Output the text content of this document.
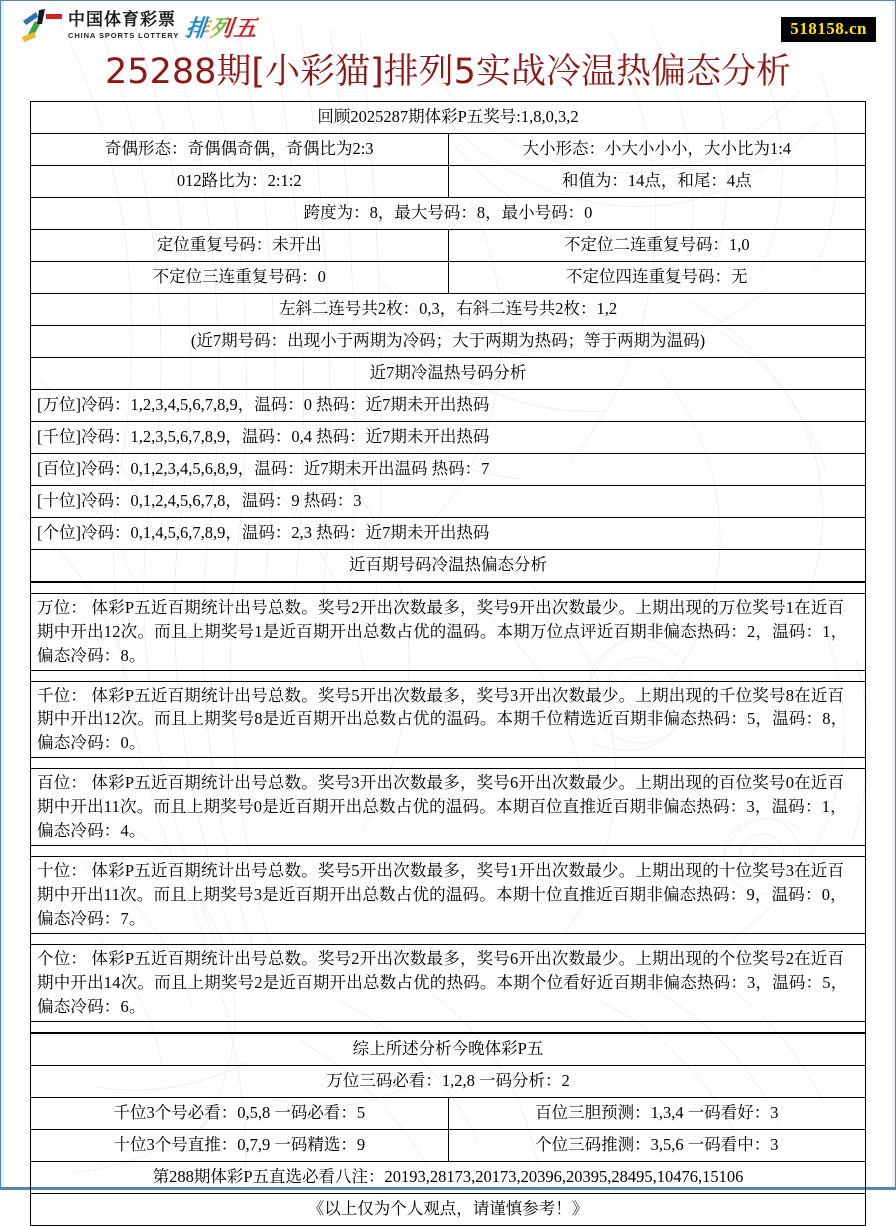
中国体育彩票
CHINA SPORTS LOTTERY 排列五	518158.cn
25288期[小彩猫]排列5实战冷温热偏态分析
回顾2025287期体彩P五奖号:1,8,0,3,2	
奇偶形态：奇偶偶奇偶，奇偶比为2:3	大小形态：小大小小小，大小比为1:4
012路比为：2:1:2	和值为：14点，和尾：4点
跨度为：8，最大号码：8，最小号码：0	
定位重复号码：未开出	不定位二连重复号码：1,0
不定位三连重复号码：0	不定位四连重复号码：无
左斜二连号共2枚：0,3，右斜二连号共2枚：1,2	
(近7期号码：出现小于两期为冷码；大于两期为热码；等于两期为温码)	
近7期冷温热号码分析	
[万位]冷码：1,2,3,4,5,6,7,8,9，温码：0 热码：近7期未开出热码	
[千位]冷码：1,2,3,5,6,7,8,9，温码：0,4 热码：近7期未开出热码	
[百位]冷码：0,1,2,3,4,5,6,8,9，温码：近7期未开出温码 热码：7	
[十位]冷码：0,1,2,4,5,6,7,8，温码：9 热码：3	
[个位]冷码：0,1,4,5,6,7,8,9，温码：2,3 热码：近7期未开出热码	
近百期号码冷温热偏态分析	

万位： 体彩P五近百期统计出号总数。奖号2开出次数最多，奖号9开出次数最少。上期出现的万位奖号1在近百期中开出12次。而且上期奖号1是近百期开出总数占优的温码。本期万位点评近百期非偏态热码：2，温码：1，偏态冷码：8。

千位： 体彩P五近百期统计出号总数。奖号5开出次数最多，奖号3开出次数最少。上期出现的千位奖号8在近百期中开出12次。而且上期奖号8是近百期开出总数占优的温码。本期千位精选近百期非偏态热码：5，温码：8，偏态冷码：0。

百位： 体彩P五近百期统计出号总数。奖号3开出次数最多，奖号6开出次数最少。上期出现的百位奖号0在近百期中开出11次。而且上期奖号0是近百期开出总数占优的温码。本期百位直推近百期非偏态热码：3，温码：1，偏态冷码：4。

十位： 体彩P五近百期统计出号总数。奖号5开出次数最多，奖号1开出次数最少。上期出现的十位奖号3在近百期中开出11次。而且上期奖号3是近百期开出总数占优的温码。本期十位直推近百期非偏态热码：9，温码：0，偏态冷码：7。

个位： 体彩P五近百期统计出号总数。奖号2开出次数最多，奖号6开出次数最少。上期出现的个位奖号2在近百期中开出14次。而且上期奖号2是近百期开出总数占优的热码。本期个位看好近百期非偏态热码：3，温码：5，偏态冷码：6。

综上所述分析今晚体彩P五	
万位三码必看：1,2,8 一码分析：2	
千位3个号必看：0,5,8 一码必看：5	百位三胆预测：1,3,4 一码看好：3
十位3个号直推：0,7,9 一码精选：9	个位三码推测：3,5,6 一码看中：3
第288期体彩P五直选必看八注：20193,28173,20173,20396,20395,28495,10476,15106	
《以上仅为个人观点，请谨慎参考！》	
